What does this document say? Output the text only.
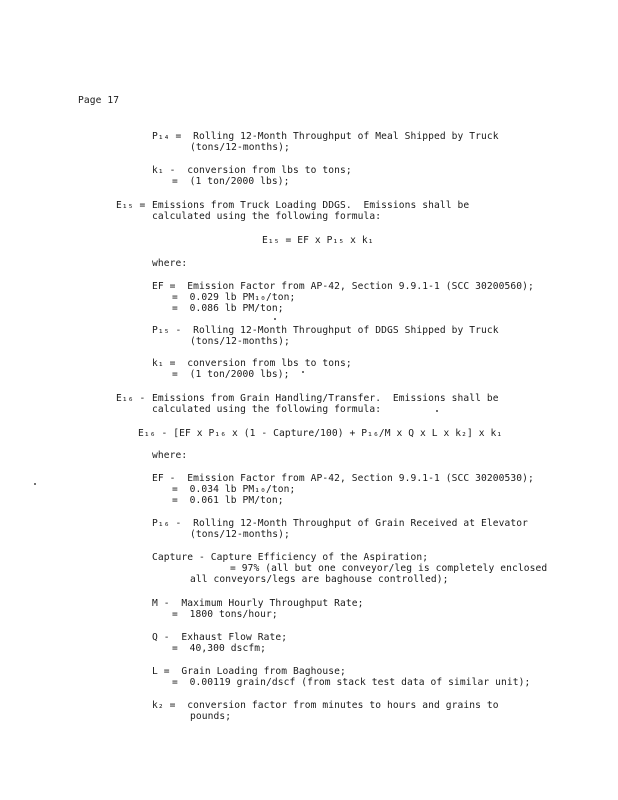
Page 17
P₁₄ =  Rolling 12-Month Throughput of Meal Shipped by Truck
(tons/12-months);
k₁ -  conversion from lbs to tons;
=  (1 ton/2000 lbs);
E₁₅ = Emissions from Truck Loading DDGS.  Emissions shall be
calculated using the following formula:
E₁₅ = EF x P₁₅ x k₁
where:
EF =  Emission Factor from AP-42, Section 9.9.1-1 (SCC 30200560);
=  0.029 lb PM₁₀/ton;
=  0.086 lb PM/ton;
P₁₅ -  Rolling 12-Month Throughput of DDGS Shipped by Truck
(tons/12-months);
k₁ =  conversion from lbs to tons;
=  (1 ton/2000 lbs);
E₁₆ - Emissions from Grain Handling/Transfer.  Emissions shall be
calculated using the following formula:
E₁₆ - [EF x P₁₆ x (1 - Capture/100) + P₁₆/M x Q x L x k₂] x k₁
where:
EF -  Emission Factor from AP-42, Section 9.9.1-1 (SCC 30200530);
=  0.034 lb PM₁₀/ton;
=  0.061 lb PM/ton;
P₁₆ -  Rolling 12-Month Throughput of Grain Received at Elevator
(tons/12-months);
Capture - Capture Efficiency of the Aspiration;
= 97% (all but one conveyor/leg is completely enclosed
all conveyors/legs are baghouse controlled);
M -  Maximum Hourly Throughput Rate;
=  1800 tons/hour;
Q -  Exhaust Flow Rate;
=  40,300 dscfm;
L =  Grain Loading from Baghouse;
=  0.00119 grain/dscf (from stack test data of similar unit);
k₂ =  conversion factor from minutes to hours and grains to
pounds;
